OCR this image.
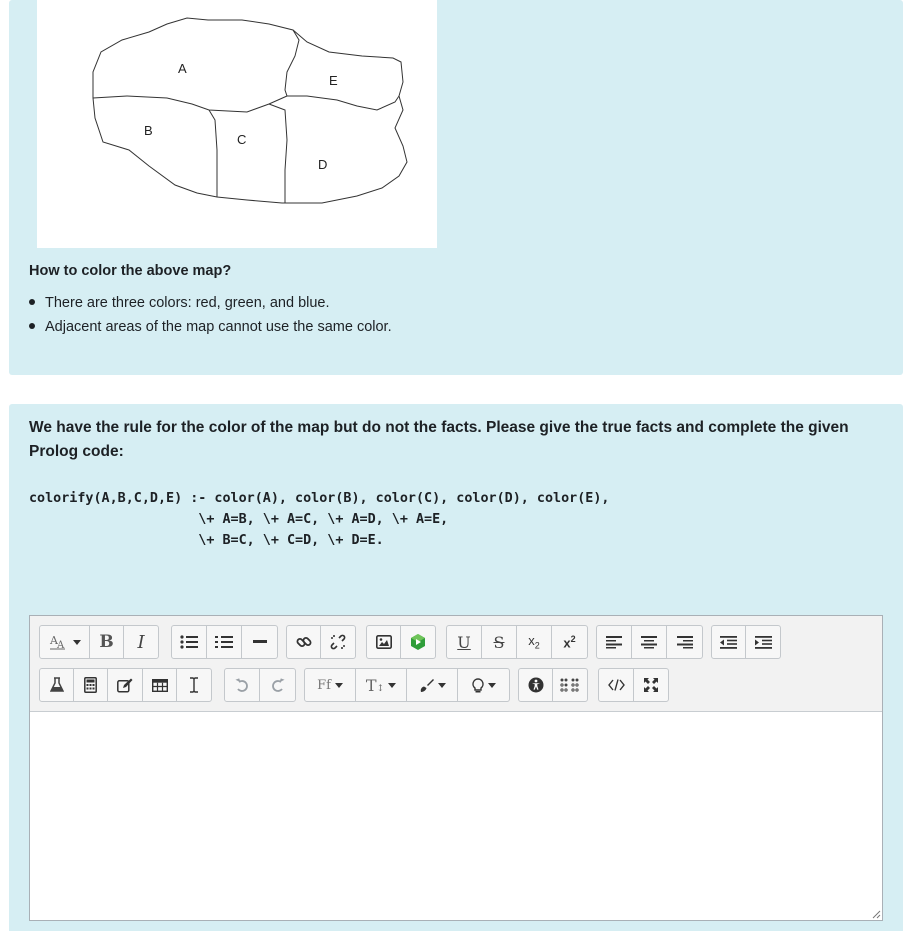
A
B
C
D
E

How to color the above map?

There are three colors: red, green, and blue.
Adjacent areas of the map cannot use the same color.

We have the rule for the color of the map but do not the facts. Please give the true facts and complete the given Prolog code:

colorify(A,B,C,D,E) :- color(A), color(B), color(C), color(D), color(E),
\+ A=B, \+ A=C, \+ A=D, \+ A=E,
\+ B=C, \+ C=D, \+ D=E.
A A	B	I	U	S	$x_2$ $x^2$
Ff T↕
